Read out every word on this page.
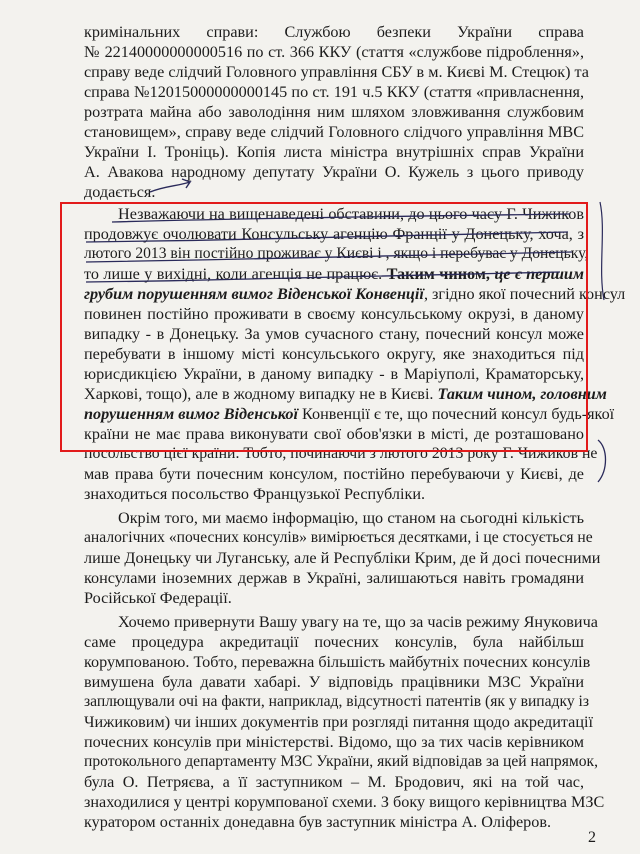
кримінальних справи: Службою безпеки України справа
№ 22140000000000516 по ст. 366 ККУ (стаття «службове підроблення»,
справу веде слідчий Головного управління СБУ в м. Києві М. Стецюк) та
справа №12015000000000145 по ст. 191 ч.5 ККУ (стаття «привласнення,
розтрата майна або заволодіння ним шляхом зловживання службовим
становищем», справу веде слідчий Головного слідчого управління МВС
України І. Троніць). Копія листа міністра внутрішніх справ України
А. Авакова народному депутату України О. Кужель з цього приводу
додається.
Незважаючи на вищенаведені обставини, до цього часу Г. Чижиков
продовжує очолювати Консульську агенцію Франції у Донецьку, хоча, з
лютого 2013 він постійно проживає у Києві і , якщо і перебуває у Донецьку,
то лише у вихідні, коли агенція не працює. Таким чином, це є першим
грубим порушенням вимог Віденської Конвенції, згідно якої почесний консул
повинен постійно проживати в своєму консульському окрузі, в даному
випадку - в Донецьку. За умов сучасного стану, почесний консул може
перебувати в іншому місті консульського округу, яке знаходиться під
юрисдикцією України, в даному випадку - в Маріуполі, Краматорську,
Харкові, тощо), але в жодному випадку не в Києві. Таким чином, головним
порушенням вимог Віденської Конвенції є те, що почесний консул будь-якої
країни не має права виконувати свої обов'язки в місті, де розташовано
посольство цієї країни. Тобто, починаючи з лютого 2013 року Г. Чижиков не
мав права бути почесним консулом, постійно перебуваючи у Києві, де
знаходиться посольство Французької Республіки.
Окрім того, ми маємо інформацію, що станом на сьогодні кількість
аналогічних «почесних консулів» вимірюється десятками, і це стосується не
лише Донецьку чи Луганську, але й Республіки Крим, де й досі почесними
консулами іноземних держав в Україні, залишаються навіть громадяни
Російської Федерації.
Хочемо привернути Вашу увагу на те, що за часів режиму Януковича
саме процедура акредитації почесних консулів, була найбільш
корумпованою. Тобто, переважна більшість майбутніх почесних консулів
вимушена була давати хабарі. У відповідь працівники МЗС України
заплющували очі на факти, наприклад, відсутності патентів (як у випадку із
Чижиковим) чи інших документів при розгляді питання щодо акредитації
почесних консулів при міністерстві. Відомо, що за тих часів керівником
протокольного департаменту МЗС України, який відповідав за цей напрямок,
була О. Петряєва, а її заступником – М. Бродович, які на той час,
знаходилися у центрі корумпованої схеми. З боку вищого керівництва МЗС
куратором останніх донедавна був заступник міністра А. Оліферов.
2
